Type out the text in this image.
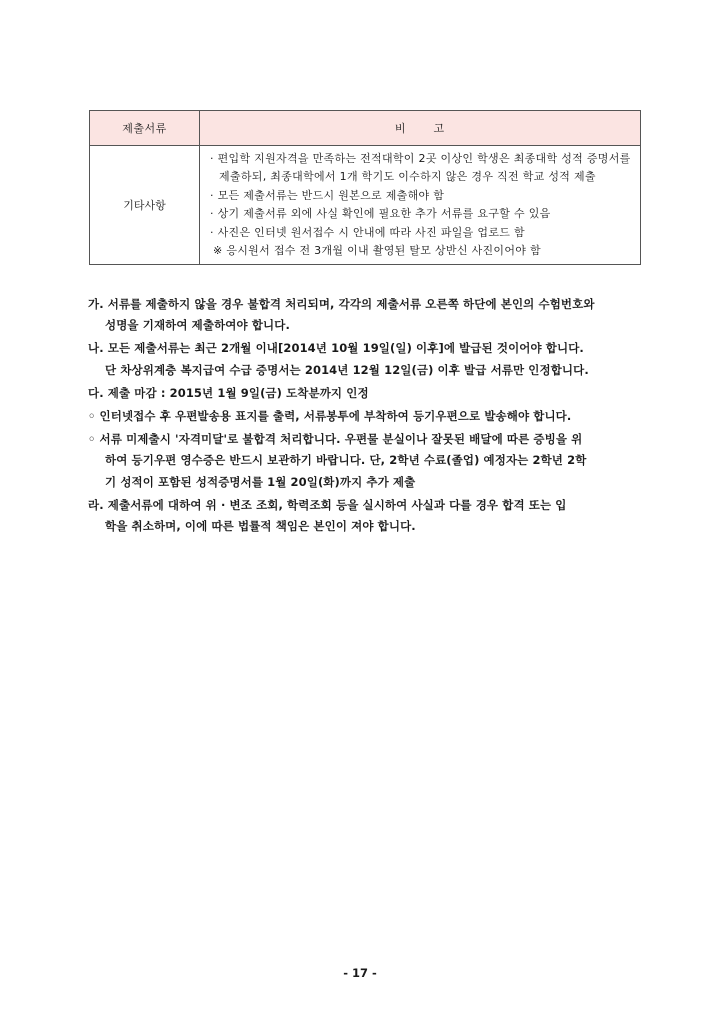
제출서류	비고
기타사항	· 편입학 지원자격을 만족하는 전적대학이 2곳 이상인 학생은 최종대학 성적 증명서를 제출하되, 최종대학에서 1개 학기도 이수하지 않은 경우 직전 학교 성적 제출
· 모든 제출서류는 반드시 원본으로 제출해야 함
· 상기 제출서류 외에 사실 확인에 필요한 추가 서류를 요구할 수 있음
· 사진은 인터넷 원서접수 시 안내에 따라 사진 파일을 업로드 함
※ 응시원서 접수 전 3개월 이내 촬영된 탈모 상반신 사진이어야 함
가. 서류를 제출하지 않을 경우 불합격 처리되며, 각각의 제출서류 오른쪽 하단에 본인의 수험번호와
성명을 기재하여 제출하여야 합니다.
나. 모든 제출서류는 최근 2개월 이내[2014년 10월 19일(일) 이후]에 발급된 것이어야 합니다.
단 차상위계층 복지급여 수급 증명서는 2014년 12월 12일(금) 이후 발급 서류만 인정합니다.
다. 제출 마감 : 2015년 1월 9일(금) 도착분까지 인정
◦ 인터넷접수 후 우편발송용 표지를 출력, 서류봉투에 부착하여 등기우편으로 발송해야 합니다.
◦ 서류 미제출시 '자격미달'로 불합격 처리합니다. 우편물 분실이나 잘못된 배달에 따른 증빙을 위
하여 등기우편 영수증은 반드시 보관하기 바랍니다. 단, 2학년 수료(졸업) 예정자는 2학년 2학
기 성적이 포함된 성적증명서를 1월 20일(화)까지 추가 제출
라. 제출서류에 대하여 위 · 변조 조회, 학력조회 등을 실시하여 사실과 다를 경우 합격 또는 입
학을 취소하며, 이에 따른 법률적 책임은 본인이 져야 합니다.
- 17 -
